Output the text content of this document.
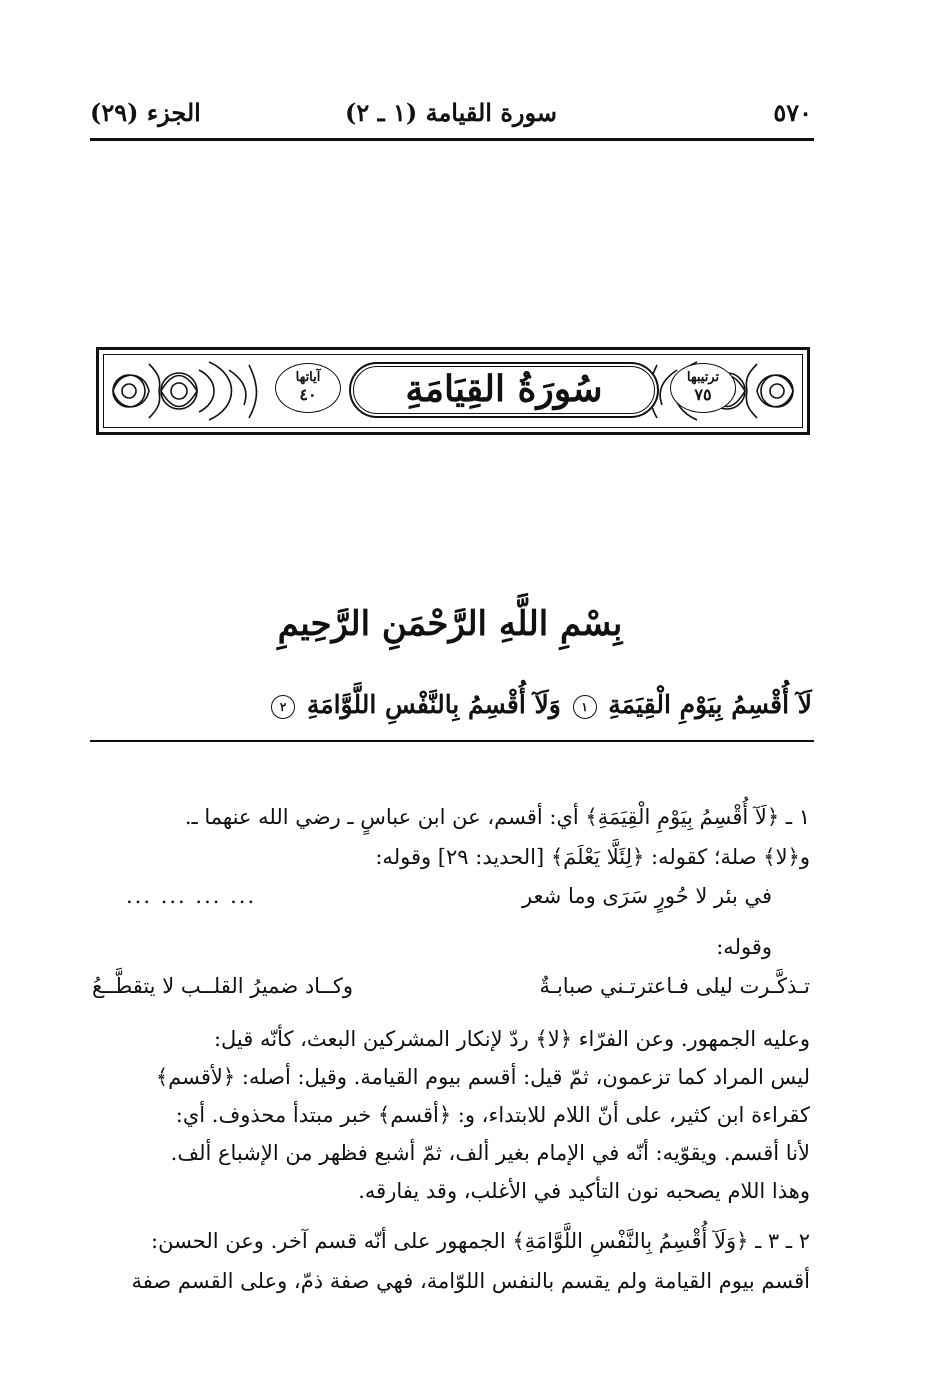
٥٧٠
سورة القيامة (١ ـ ٢)
الجزء (٢٩)
ترتيبها
٧٥
آياتها
٤٠	سُورَةُ القِيَامَةِ
بِسْمِ اللَّهِ الرَّحْمَنِ الرَّحِيمِ
لَآ أُقْسِمُ بِيَوْمِ الْقِيَمَةِ ١ وَلَآ أُقْسِمُ بِالنَّفْسِ اللَّوَّامَةِ ٢
١ ـ ﴿لَآ أُقْسِمُ بِيَوْمِ الْقِيَمَةِ﴾ أي: أقسم، عن ابن عباسٍ ـ رضي الله عنهما ـ.
و﴿لا﴾ صلة؛ كقوله: ﴿لِئَلَّا يَعْلَمَ﴾ [الحديد: ٢٩] وقوله:
في بئر لا حُورٍ سَرَى وما شعر
... ... ... ...
وقوله:
تـذكَّـرت ليلى فـاعترتـني صبابـةٌ
وكــاد ضميرُ القلــب لا يتقطَّــعُ
وعليه الجمهور. وعن الفرّاء ﴿لا﴾ ردّ لإنكار المشركين البعث، كأنّه قيل:
ليس المراد كما تزعمون، ثمّ قيل: أقسم بيوم القيامة. وقيل: أصله: ﴿لأقسم﴾
كقراءة ابن كثير، على أنّ اللام للابتداء، و: ﴿أقسم﴾ خبر مبتدأ محذوف. أي:
لأنا أقسم. ويقوّيه: أنّه في الإمام بغير ألف، ثمّ أشبع فظهر من الإشباع ألف.
وهذا اللام يصحبه نون التأكيد في الأغلب، وقد يفارقه.
٢ ـ ٣ ـ ﴿وَلَآ أُقْسِمُ بِالنَّفْسِ اللَّوَّامَةِ﴾ الجمهور على أنّه قسم آخر. وعن الحسن:
أقسم بيوم القيامة ولم يقسم بالنفس اللوّامة، فهي صفة ذمّ، وعلى القسم صفة
